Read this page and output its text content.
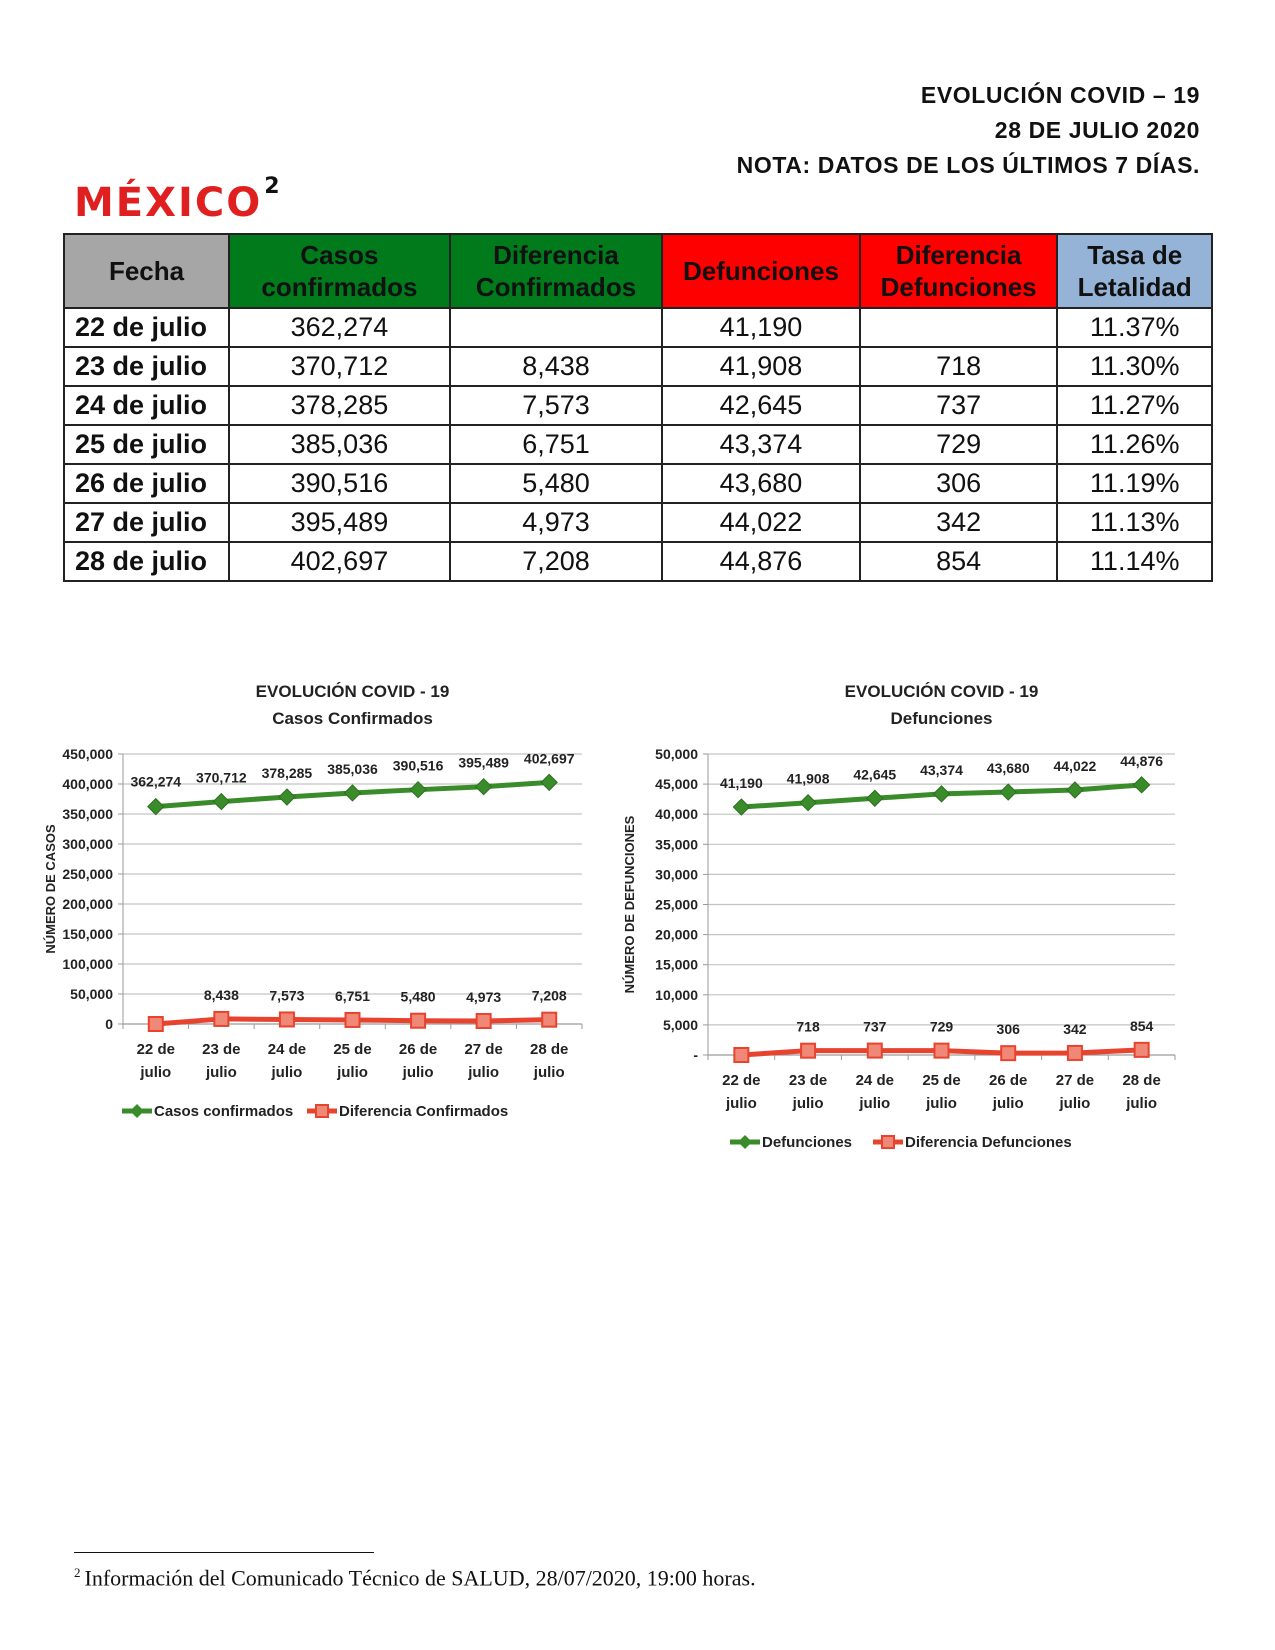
EVOLUCIÓN COVID – 19
28 DE JULIO 2020
NOTA: DATOS DE LOS ÚLTIMOS 7 DÍAS.
MÉXICO$^2$
Fecha	Casos confirmados	Diferencia Confirmados	Defunciones	Diferencia Defunciones	Tasa de Letalidad
22 de julio	362,274		41,190		11.37%
23 de julio	370,712	8,438	41,908	718	11.30%
24 de julio	378,285	7,573	42,645	737	11.27%
25 de julio	385,036	6,751	43,374	729	11.26%
26 de julio	390,516	5,480	43,680	306	11.19%
27 de julio	395,489	4,973	44,022	342	11.13%
28 de julio	402,697	7,208	44,876	854	11.14%
EVOLUCIÓN COVID - 19
Casos Confirmados
0
50,000
100,000
150,000
200,000
250,000
300,000
350,000
400,000
450,000
NÚMERO DE CASOS
22 de julio
23 de julio
24 de julio
25 de julio
26 de julio
27 de julio
28 de julio
362,274 370,712 378,285 385,036 390,516 395,489 402,697
8,438 7,573 6,751 5,480 4,973 7,208
Casos confirmados	Diferencia Confirmados
EVOLUCIÓN COVID - 19
Defunciones
-
5,000
10,000
15,000
20,000
25,000
30,000
35,000
40,000
45,000
50,000
NÚMERO DE DEFUNCIONES
22 de julio
23 de julio
24 de julio
25 de julio
26 de julio
27 de julio
28 de julio
41,190 41,908 42,645 43,374 43,680 44,022 44,876
718	737	729	306	342	854
Defunciones	Diferencia Defunciones
$^2$ Información del Comunicado Técnico de SALUD, 28/07/2020, 19:00 horas.
